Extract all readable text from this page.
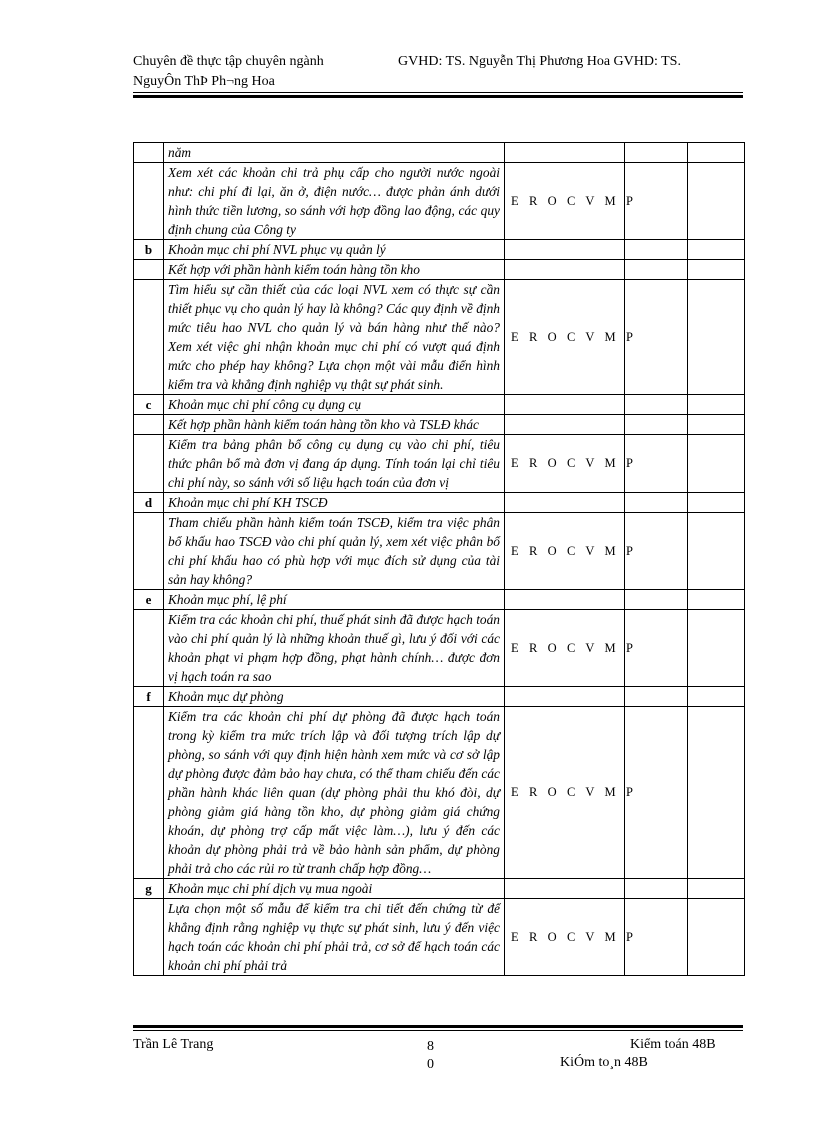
Chuyên đề thực tập chuyên ngành	GVHD: TS. Nguyễn Thị Phương Hoa GVHD: TS.
NguyÔn ThÞ Ph¬ng Hoa
	năm			
	Xem xét các khoản chi trả phụ cấp cho người nước ngoài như: chi phí đi lại, ăn ở, điện nước… được phản ánh dưới hình thức tiền lương, so sánh với hợp đồng lao động, các quy định chung của Công ty	E R O C V M P		
b	Khoản mục chi phí NVL phục vụ quản lý			
	Kết hợp với phần hành kiểm toán hàng tồn kho			
	Tìm hiểu sự cần thiết của các loại NVL xem có thực sự cần thiết phục vụ cho quản lý hay là không? Các quy định về định mức tiêu hao NVL cho quản lý và bán hàng như thế nào? Xem xét việc ghi nhận khoản mục chi phí có vượt quá định mức cho phép hay không? Lựa chọn một vài mẫu điển hình kiểm tra và khẳng định nghiệp vụ thật sự phát sinh.	E R O C V M P		
c	Khoản mục chi phí công cụ dụng cụ			
	Kết hợp phần hành kiểm toán hàng tồn kho và TSLĐ khác			
	Kiểm tra bảng phân bổ công cụ dụng cụ vào chi phí, tiêu thức phân bổ mà đơn vị đang áp dụng. Tính toán lại chỉ tiêu chi phí này, so sánh với số liệu hạch toán của đơn vị	E R O C V M P		
d	Khoản mục chi phí KH TSCĐ			
	Tham chiếu phần hành kiểm toán TSCĐ, kiểm tra việc phân bổ khấu hao TSCĐ vào chi phí quản lý, xem xét việc phân bổ chi phí khấu hao có phù hợp với mục đích sử dụng của tài sản hay không?	E R O C V M P		
e	Khoản mục phí, lệ phí			
	Kiểm tra các khoản chi phí, thuế phát sinh đã được hạch toán vào chi phí quản lý là những khoản thuế gì, lưu ý đối với các khoản phạt vi phạm hợp đồng, phạt hành chính… được đơn vị hạch toán ra sao	E R O C V M P		
f	Khoản mục dự phòng			
	Kiểm tra các khoản chi phí dự phòng đã được hạch toán trong kỳ kiểm tra mức trích lập và đối tượng trích lập dự phòng, so sánh với quy định hiện hành xem mức và cơ sở lập dự phòng được đảm bảo hay chưa, có thể tham chiếu đến các phần hành khác liên quan (dự phòng phải thu khó đòi, dự phòng giảm giá hàng tồn kho, dự phòng giảm giá chứng khoán, dự phòng trợ cấp mất việc làm…), lưu ý đến các khoản dự phòng phải trả về bảo hành sản phẩm, dự phòng phải trả cho các rủi ro từ tranh chấp hợp đồng…	E R O C V M P		
g	Khoản mục chi phí dịch vụ mua ngoài			
	Lựa chọn một số mẫu để kiểm tra chi tiết đến chứng từ để khẳng định rằng nghiệp vụ thực sự phát sinh, lưu ý đến việc hạch toán các khoản chi phí phải trả, cơ sở để hạch toán các khoản chi phí phải trả	E R O C V M P		
Trần Lê Trang	8
0
Kiểm toán 48B
KiÓm to¸n 48B
